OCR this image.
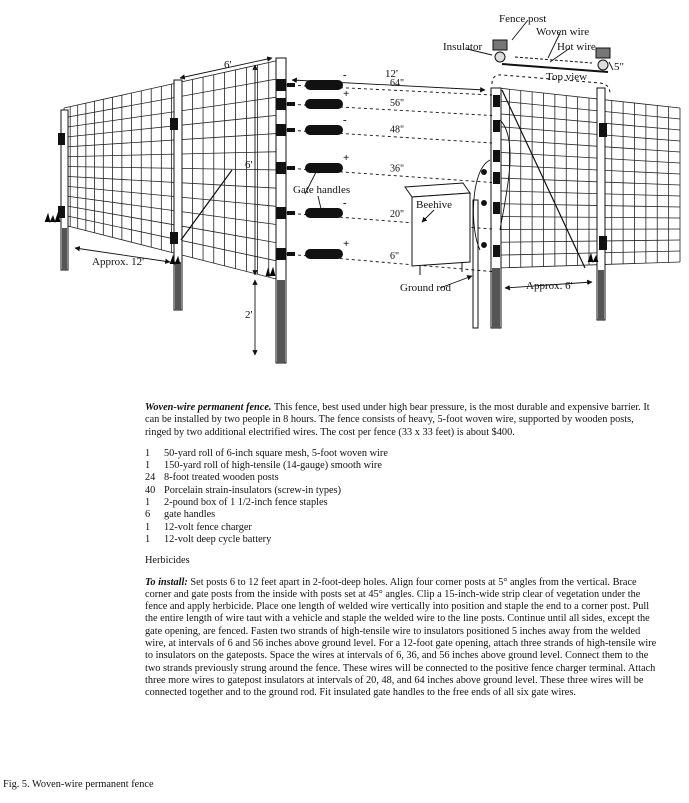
Fence post
Woven wire
Insulator	Hot wire
5"
Top view
6'
12'
6'
2'
Approx. 12'
Approx. 6'
Gate handles
Beehive
Ground rod
64"
-
56"
+
48"
-
36"
+
20"
-
6"
+

Woven-wire permanent fence. This fence, best used under high bear pressure, is the most durable and expensive barrier. It can be installed by two people in 8 hours. The fence consists of heavy, 5-foot woven wire, supported by wooden posts, ringed by two additional electrified wires. The cost per fence (33 x 33 feet) is about $400.

1	50-yard roll of 6-inch square mesh, 5-foot woven wire
1	150-yard roll of high-tensile (14-gauge) smooth wire
24 8-foot treated wooden posts
40 Porcelain strain-insulators (screw-in types)
1	2-pound box of 1 1/2-inch fence staples
6	gate handles
1	12-volt fence charger
1	12-volt deep cycle battery

Herbicides

To install: Set posts 6 to 12 feet apart in 2-foot-deep holes. Align four corner posts at 5° angles from the vertical. Brace corner and gate posts from the inside with posts set at 45° angles. Clip a 15-inch-wide strip clear of vegetation under the fence and apply herbicide. Place one length of welded wire vertically into position and staple the end to a corner post. Pull the entire length of wire taut with a vehicle and staple the welded wire to the line posts. Continue until all sides, except the gate opening, are fenced. Fasten two strands of high-tensile wire to insulators positioned 5 inches away from the welded wire, at intervals of 6 and 56 inches above ground level. For a 12-foot gate opening, attach three strands of high-tensile wire to insulators on the gateposts. Space the wires at intervals of 6, 36, and 56 inches above ground level. Connect them to the two strands previously strung around the fence. These wires will be connected to the positive fence charger terminal. Attach three more wires to gatepost insulators at intervals of 20, 48, and 64 inches above ground level. These three wires will be connected together and to the ground rod. Fit insulated gate handles to the free ends of all six gate wires.

Fig. 5. Woven-wire permanent fence
